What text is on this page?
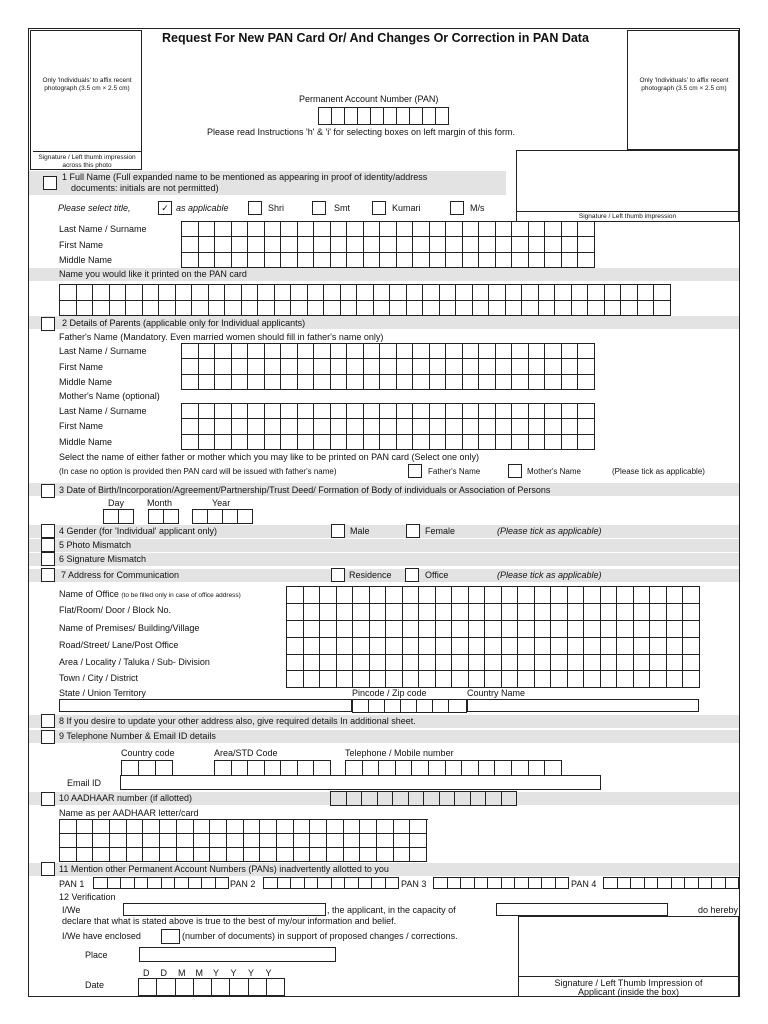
Request For New PAN Card Or/ And Changes Or Correction in PAN Data
Only 'Individuals' to affix recent photograph (3.5 cm × 2.5 cm)
Signature / Left thumb impression across this photo
Only 'Individuals' to affix recent photograph (3.5 cm × 2.5 cm)
Permanent Account Number (PAN)
Please read Instructions 'h' & 'i' for selecting boxes on left margin of this form.
Signature / Left thumb impression
1 Full Name (Full expanded name to be mentioned as appearing in proof of identity/address
documents: initials are not permitted)
Please select title,	✓ as applicable	Shri	Smt	Kumari	M/s
Last Name / Surname
First Name
Middle Name
Name you would like it printed on the PAN card
2 Details of Parents (applicable only for Individual applicants)
Father's Name (Mandatory. Even married women should fill in father's name only)
Last Name / Surname
First Name
Middle Name
Mother's Name (optional)
Last Name / Surname
First Name
Middle Name
Select the name of either father or mother which you may like to be printed on PAN card (Select one only)
(In case no option is provided then PAN card will be issued with father's name)	Father's Name	Mother's Name	(Please tick as applicable)
3 Date of Birth/Incorporation/Agreement/Partnership/Trust Deed/ Formation of Body of individuals or Association of Persons
Day	Month	Year
4 Gender (for 'Individual' applicant only)	Male	Female	(Please tick as applicable)
5 Photo Mismatch
6 Signature Mismatch
7 Address for Communication	Residence	Office	(Please tick as applicable)
Name of Office (to be filled only in case of office address)
Flat/Room/ Door / Block No.
Name of Premises/ Building/Village
Road/Street/ Lane/Post Office
Area / Locality / Taluka / Sub- Division
Town / City / District
State / Union Territory	Pincode / Zip code	Country Name
8 If you desire to update your other address also, give required details In additional sheet.
9 Telephone Number & Email ID details
Country code	Area/STD Code	Telephone / Mobile number
Email ID
10 AADHAAR number (if allotted)
Name as per AADHAAR letter/card
11 Mention other Permanent Account Numbers (PANs) inadvertently allotted to you
PAN 1	PAN 2	PAN 3	PAN 4
12 Verification
I/We	, the applicant, in the capacity of	do hereby
declare that what is stated above is true to the best of my/our information and belief.
I/We have enclosed	(number of documents) in support of proposed changes / corrections.
Place
D D M M Y Y Y Y
Date	Signature / Left Thumb Impression of
Applicant (inside the box)
